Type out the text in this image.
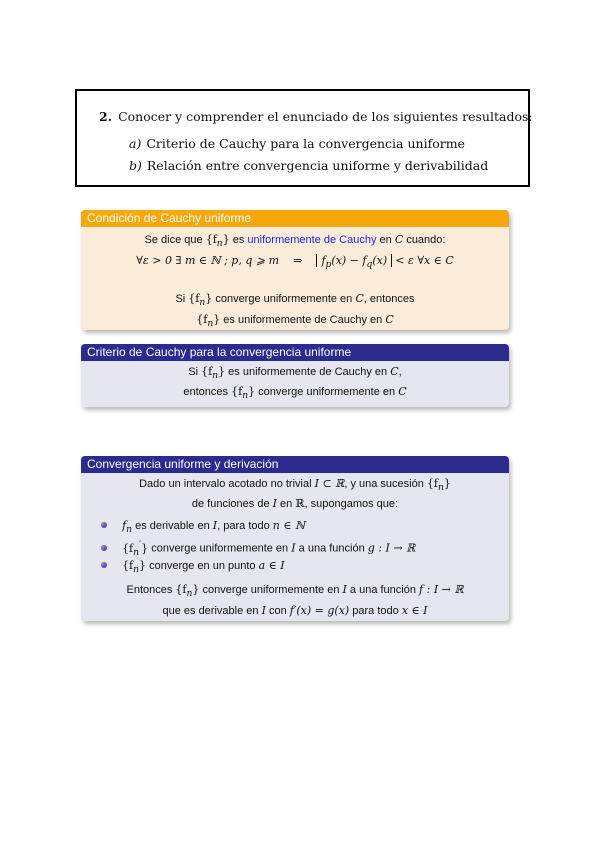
2. Conocer y comprender el enunciado de los siguientes resultados:
a) Criterio de Cauchy para la convergencia uniforme
b) Relación entre convergencia uniforme y derivabilidad
Condición de Cauchy uniforme
Se dice que $\{f_n\}$ es uniformemente de Cauchy en C cuando:
∀ε > 0 ∃ m ∈ ℕ ; p, q ⩾ m ⇒ $f_p(x) - f_q(x) < \varepsilon$ ∀x ∈ C
Si $\{f_n\}$ converge uniformemente en C, entonces
$\{f_n\}$ es uniformemente de Cauchy en C
Criterio de Cauchy para la convergencia uniforme
Si $\{f_n\}$ es uniformemente de Cauchy en C,
entonces $\{f_n\}$ converge uniformemente en C
Convergencia uniforme y derivación
Dado un intervalo acotado no trivial I ⊂ ℝ, y una sucesión $\{f_n\}$
de funciones de I en ℝ, supongamos que:
$f_n$ es derivable en I, para todo n ∈ ℕ
$\{f_n'\}$ converge uniformemente en I a una función g : I → ℝ
$\{f_n\}$ converge en un punto a ∈ I
Entonces $\{f_n\}$ converge uniformemente en I a una función f : I → ℝ
que es derivable en I con f′(x) = g(x) para todo x ∈ I
